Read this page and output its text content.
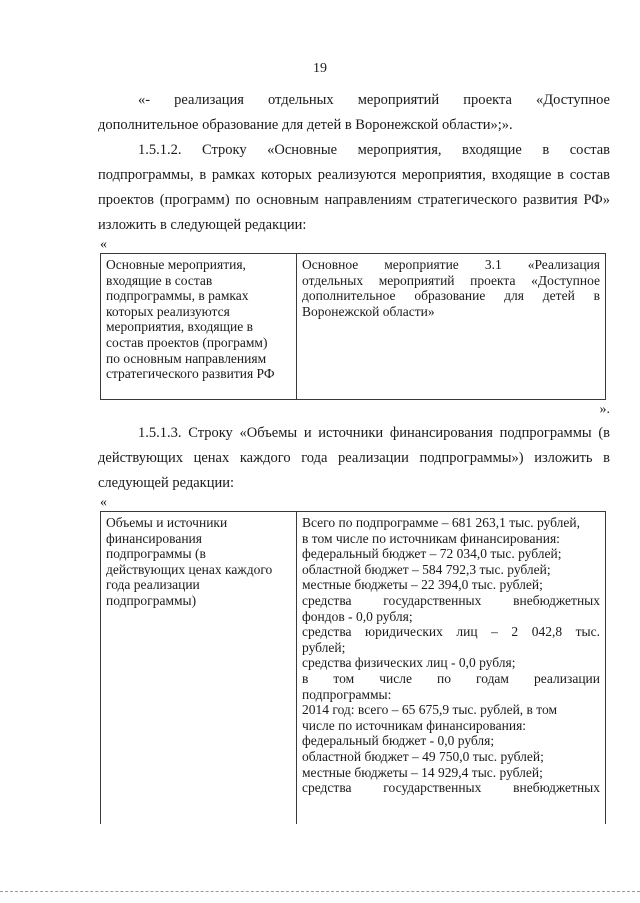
19
«-    реализация    отдельных    мероприятий    проекта    «Доступное
дополнительное образование для детей в Воронежской области»;».
1.5.1.2.   Строку   «Основные   мероприятия,   входящие   в   состав
подпрограммы, в рамках которых реализуются мероприятия, входящие в состав
проектов (программ) по основным направлениям стратегического развития РФ»
изложить в следующей редакции:
«
Основные мероприятия,
входящие в состав
подпрограммы, в рамках
которых реализуются
мероприятия, входящие в
состав проектов (программ)
по основным направлениям
стратегического развития РФ

Основное    мероприятие    3.1    «Реализация
отдельных мероприятий проекта «Доступное
дополнительное  образование  для  детей  в
Воронежской области»
».
1.5.1.3. Строку «Объемы и источники финансирования подпрограммы (в
действующих  ценах  каждого  года  реализации  подпрограммы»)  изложить  в
следующей редакции:
«
Объемы и источники
финансирования
подпрограммы (в
действующих ценах каждого
года реализации
подпрограммы)

Всего по подпрограмме – 681 263,1 тыс. рублей,
в том числе по источникам финансирования:
федеральный бюджет – 72 034,0 тыс. рублей;
областной бюджет – 584 792,3 тыс. рублей;
местные бюджеты – 22 394,0 тыс. рублей;
средства     государственных     внебюджетных
фондов - 0,0 рубля;
средства  юридических  лиц  –  2  042,8  тыс.
рублей;
средства физических лиц - 0,0 рубля;
в    том    числе    по    годам    реализации
подпрограммы:
2014 год: всего – 65 675,9 тыс. рублей, в том
числе по источникам финансирования:
федеральный бюджет - 0,0 рубля;
областной бюджет – 49 750,0 тыс. рублей;
местные бюджеты – 14 929,4 тыс. рублей;
средства     государственных     внебюджетных
